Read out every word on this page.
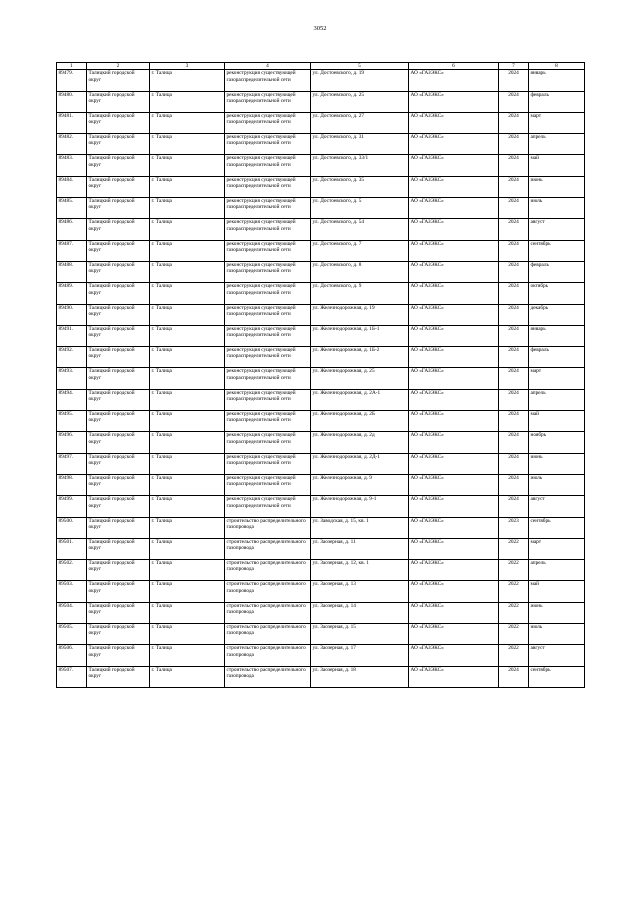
3052
1	2	3	4	5	6	7	8
89479.	Талицкий городской округ	г. Талица	реконструкция существующей газораспределительной сети	ул. Достоевского, д. 19	АО «ГАЗЭКС»	2024	январь
89480.	Талицкий городской округ	г. Талица	реконструкция существующей газораспределительной сети	ул. Достоевского, д. 25	АО «ГАЗЭКС»	2024	февраль
89481.	Талицкий городской округ	г. Талица	реконструкция существующей газораспределительной сети	ул. Достоевского, д. 27	АО «ГАЗЭКС»	2024	март
89482.	Талицкий городской округ	г. Талица	реконструкция существующей газораспределительной сети	ул. Достоевского, д. 31	АО «ГАЗЭКС»	2024	апрель
89483.	Талицкий городской округ	г. Талица	реконструкция существующей газораспределительной сети	ул. Достоевского, д. 33/1	АО «ГАЗЭКС»	2024	май
89484.	Талицкий городской округ	г. Талица	реконструкция существующей газораспределительной сети	ул. Достоевского, д. 35	АО «ГАЗЭКС»	2024	июнь
89485.	Талицкий городской округ	г. Талица	реконструкция существующей газораспределительной сети	ул. Достоевского, д. 5	АО «ГАЗЭКС»	2024	июль
89486.	Талицкий городской округ	г. Талица	реконструкция существующей газораспределительной сети	ул. Достоевского, д. 54	АО «ГАЗЭКС»	2024	август
89487.	Талицкий городской округ	г. Талица	реконструкция существующей газораспределительной сети	ул. Достоевского, д. 7	АО «ГАЗЭКС»	2024	сентябрь
89488.	Талицкий городской округ	г. Талица	реконструкция существующей газораспределительной сети	ул. Достоевского, д. 8	АО «ГАЗЭКС»	2024	февраль
89489.	Талицкий городской округ	г. Талица	реконструкция существующей газораспределительной сети	ул. Достоевского, д. 9	АО «ГАЗЭКС»	2024	октябрь
89490.	Талицкий городской округ	г. Талица	реконструкция существующей газораспределительной сети	ул. Железнодорожная, д. 19	АО «ГАЗЭКС»	2024	декабрь
89491.	Талицкий городской округ	г. Талица	реконструкция существующей газораспределительной сети	ул. Железнодорожная, д. 1Б-1	АО «ГАЗЭКС»	2024	январь
89492.	Талицкий городской округ	г. Талица	реконструкция существующей газораспределительной сети	ул. Железнодорожная, д. 1Б-2	АО «ГАЗЭКС»	2024	февраль
89493.	Талицкий городской округ	г. Талица	реконструкция существующей газораспределительной сети	ул. Железнодорожная, д. 25	АО «ГАЗЭКС»	2024	март
89494.	Талицкий городской округ	г. Талица	реконструкция существующей газораспределительной сети	ул. Железнодорожная, д. 2А-1	АО «ГАЗЭКС»	2024	апрель
89495.	Талицкий городской округ	г. Талица	реконструкция существующей газораспределительной сети	ул. Железнодорожная, д. 2Б	АО «ГАЗЭКС»	2024	май
89496.	Талицкий городской округ	г. Талица	реконструкция существующей газораспределительной сети	ул. Железнодорожная, д. 2д	АО «ГАЗЭКС»	2024	ноябрь
89497.	Талицкий городской округ	г. Талица	реконструкция существующей газораспределительной сети	ул. Железнодорожная, д. 2Д-1	АО «ГАЗЭКС»	2024	июнь
89498.	Талицкий городской округ	г. Талица	реконструкция существующей газораспределительной сети	ул. Железнодорожная, д. 9	АО «ГАЗЭКС»	2024	июль
89499.	Талицкий городской округ	г. Талица	реконструкция существующей газораспределительной сети	ул. Железнодорожная, д. 9-1	АО «ГАЗЭКС»	2024	август
89500.	Талицкий городской округ	г. Талица	строительство распределительного газопровода	ул. Заводская, д. 15, кв. 1	АО «ГАЗЭКС»	2023	сентябрь
89501.	Талицкий городской округ	г. Талица	строительство распределительного газопровода	ул. Заозерная, д. 11	АО «ГАЗЭКС»	2022	март
89502.	Талицкий городской округ	г. Талица	строительство распределительного газопровода	ул. Заозерная, д. 12, кв. 1	АО «ГАЗЭКС»	2022	апрель
89503.	Талицкий городской округ	г. Талица	строительство распределительного газопровода	ул. Заозерная, д. 13	АО «ГАЗЭКС»	2022	май
89504.	Талицкий городской округ	г. Талица	строительство распределительного газопровода	ул. Заозерная, д. 14	АО «ГАЗЭКС»	2022	июнь
89505.	Талицкий городской округ	г. Талица	строительство распределительного газопровода	ул. Заозерная, д. 15	АО «ГАЗЭКС»	2022	июль
89506.	Талицкий городской округ	г. Талица	строительство распределительного газопровода	ул. Заозерная, д. 17	АО «ГАЗЭКС»	2022	август
89507.	Талицкий городской округ	г. Талица	строительство распределительного газопровода	ул. Заозерная, д. 18	АО «ГАЗЭКС»	2024	сентябрь
